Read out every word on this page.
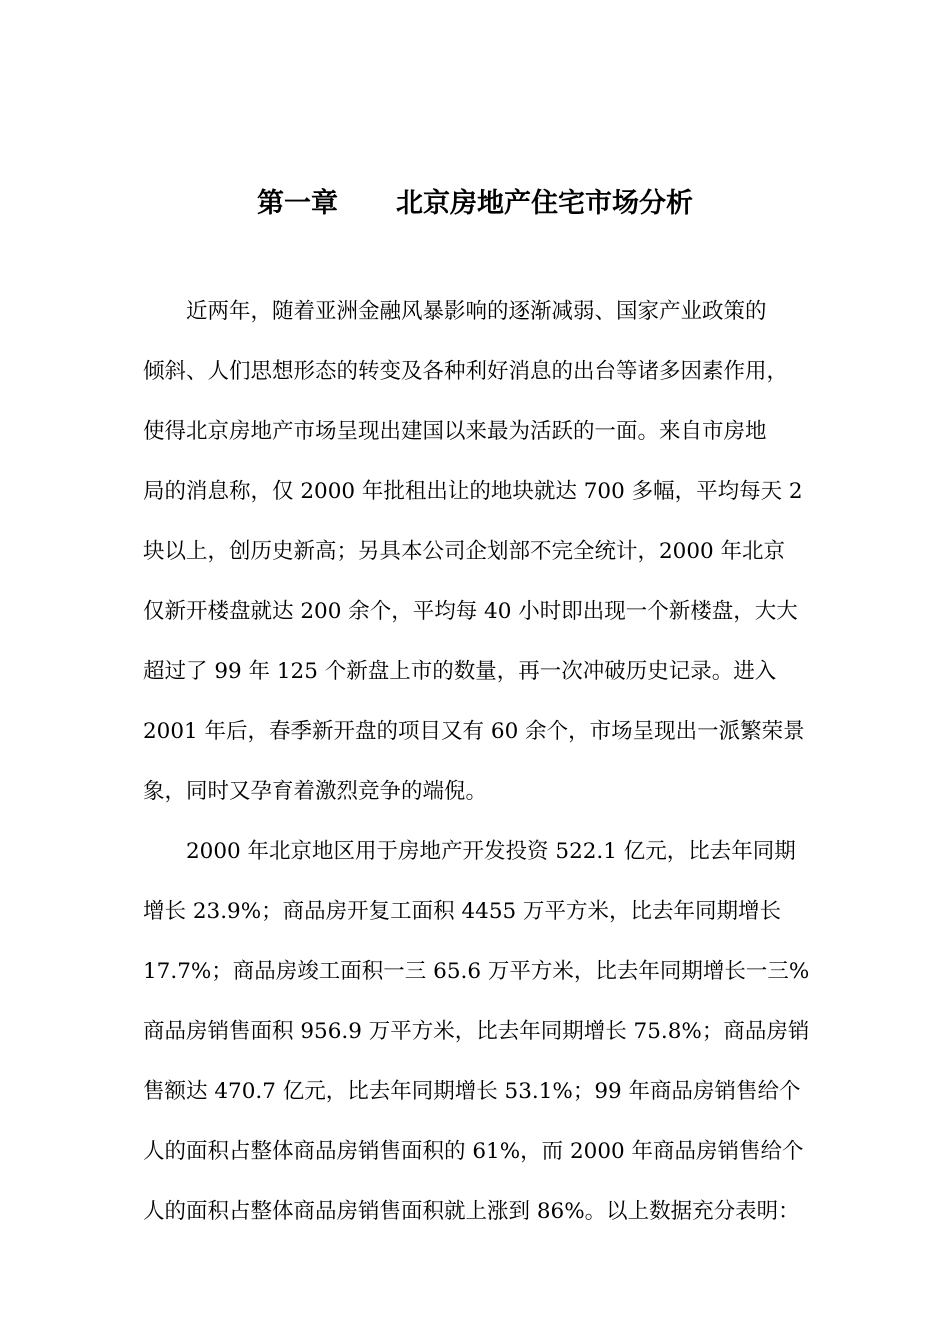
第一章 北京房地产住宅市场分析
近两年，随着亚洲金融风暴影响的逐渐减弱、国家产业政策的
倾斜、人们思想形态的转变及各种利好消息的出台等诸多因素作用，
使得北京房地产市场呈现出建国以来最为活跃的一面。来自市房地
局的消息称，仅 2000 年批租出让的地块就达 700 多幅，平均每天 2
块以上，创历史新高；另具本公司企划部不完全统计，2000 年北京
仅新开楼盘就达 200 余个，平均每 40 小时即出现一个新楼盘，大大
超过了 99 年 125 个新盘上市的数量，再一次冲破历史记录。进入
2001 年后，春季新开盘的项目又有 60 余个，市场呈现出一派繁荣景
象，同时又孕育着激烈竞争的端倪。
2000 年北京地区用于房地产开发投资 522.1 亿元，比去年同期
增长 23.9%；商品房开复工面积 4455 万平方米，比去年同期增长
17.7%；商品房竣工面积一三 65.6 万平方米，比去年同期增长一三%
商品房销售面积 956.9 万平方米，比去年同期增长 75.8%；商品房销
售额达 470.7 亿元，比去年同期增长 53.1%；99 年商品房销售给个
人的面积占整体商品房销售面积的 61%，而 2000 年商品房销售给个
人的面积占整体商品房销售面积就上涨到 86%。以上数据充分表明：
